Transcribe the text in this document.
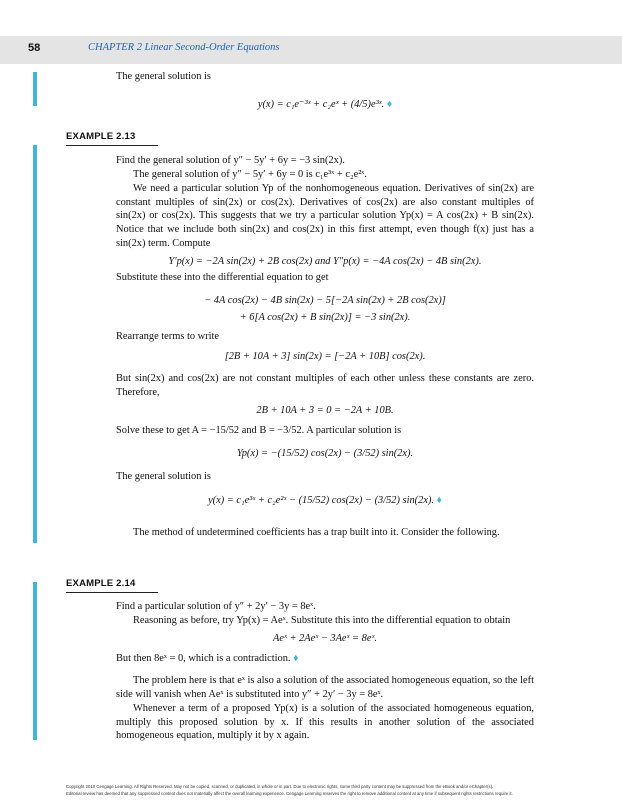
58	CHAPTER 2 Linear Second-Order Equations

The general solution is

y(x) = c₁e⁻³ˣ + c₂eˣ + (4/5)e³ˣ. ♦

EXAMPLE 2.13

Find the general solution of y″ − 5y′ + 6y = −3 sin(2x).

The general solution of y″ − 5y′ + 6y = 0 is c₁e³ˣ + c₂e²ˣ.

We need a particular solution Yp of the nonhomogeneous equation. Derivatives of sin(2x) are constant multiples of sin(2x) or cos(2x). Derivatives of cos(2x) are also constant multiples of sin(2x) or cos(2x). This suggests that we try a particular solution Yp(x) = A cos(2x) + B sin(2x). Notice that we include both sin(2x) and cos(2x) in this first attempt, even though f(x) just has a sin(2x) term. Compute

Y′p(x) = −2A sin(2x) + 2B cos(2x) and Y″p(x) = −4A cos(2x) − 4B sin(2x).

Substitute these into the differential equation to get

− 4A cos(2x) − 4B sin(2x) − 5[−2A sin(2x) + 2B cos(2x)]

+ 6[A cos(2x) + B sin(2x)] = −3 sin(2x).

Rearrange terms to write

[2B + 10A + 3] sin(2x) = [−2A + 10B] cos(2x).

But sin(2x) and cos(2x) are not constant multiples of each other unless these constants are zero. Therefore,

2B + 10A + 3 = 0 = −2A + 10B.

Solve these to get A = −15/52 and B = −3/52. A particular solution is

Yp(x) = −(15/52) cos(2x) − (3/52) sin(2x).

The general solution is

y(x) = c₁e³ˣ + c₂e²ˣ − (15/52) cos(2x) − (3/52) sin(2x). ♦

The method of undetermined coefficients has a trap built into it. Consider the following.

EXAMPLE 2.14

Find a particular solution of y″ + 2y′ − 3y = 8eˣ.

Reasoning as before, try Yp(x) = Aeˣ. Substitute this into the differential equation to obtain

Aeˣ + 2Aeˣ − 3Aeˣ = 8eˣ.

But then 8eˣ = 0, which is a contradiction. ♦

The problem here is that eˣ is also a solution of the associated homogeneous equation, so the left side will vanish when Aeˣ is substituted into y″ + 2y′ − 3y = 8eˣ.

Whenever a term of a proposed Yp(x) is a solution of the associated homogeneous equation, multiply this proposed solution by x. If this results in another solution of the associated homogeneous equation, multiply it by x again.

Copyright 2010 Cengage Learning. All Rights Reserved. May not be copied, scanned, or duplicated, in whole or in part. Due to electronic rights, some third party content may be suppressed from the eBook and/or eChapter(s).

Editorial review has deemed that any suppressed content does not materially affect the overall learning experience. Cengage Learning reserves the right to remove additional content at any time if subsequent rights restrictions require it.
